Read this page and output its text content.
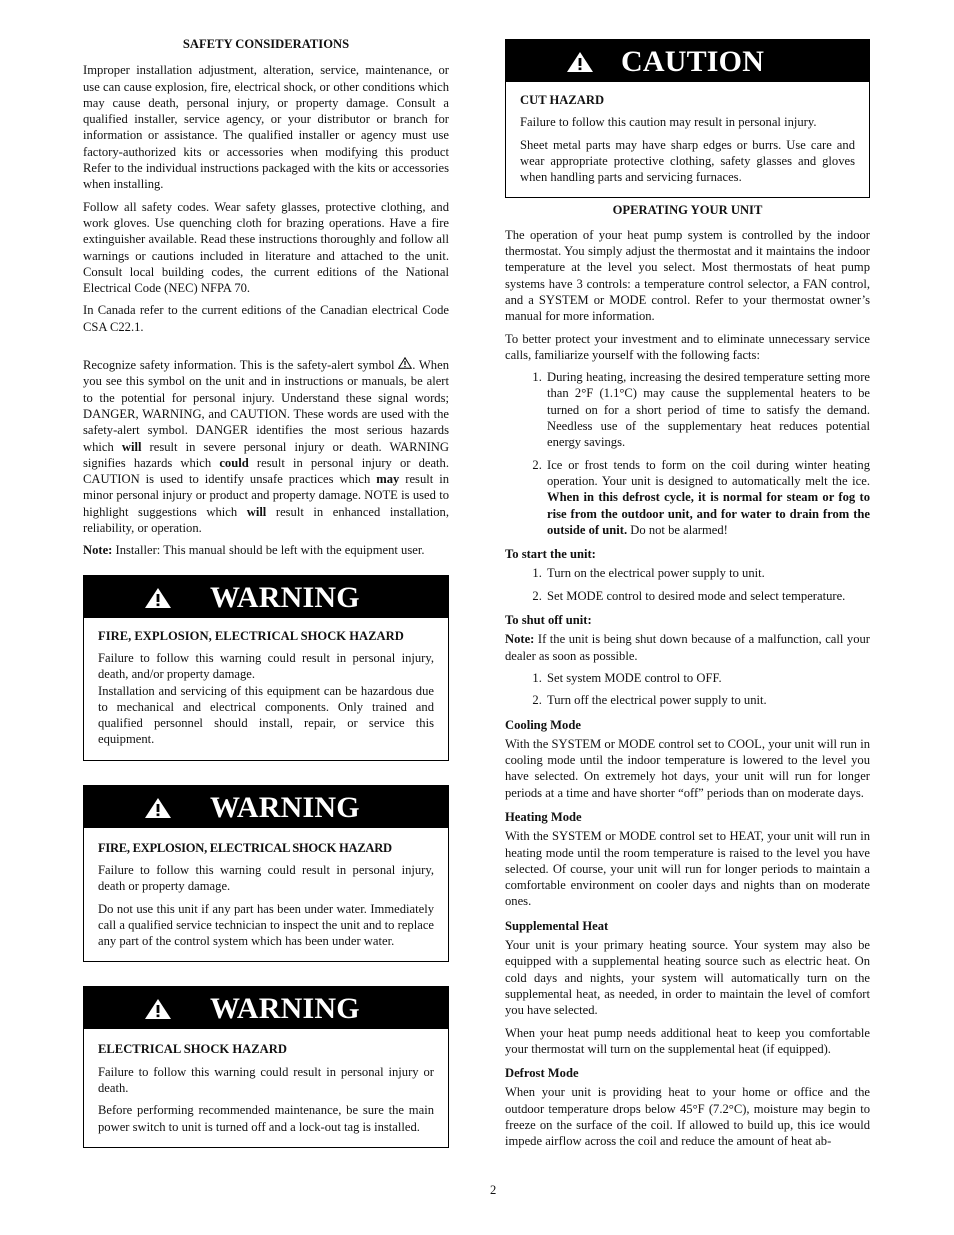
SAFETY CONSIDERATIONS

Improper installation adjustment, alteration, service, maintenance, or use can cause explosion, fire, electrical shock, or other conditions which may cause death, personal injury, or property damage. Consult a qualified installer, service agency, or your distributor or branch for information or assistance. The qualified installer or agency must use factory-authorized kits or accessories when modifying this product Refer to the individual instructions packaged with the kits or accessories when installing.

Follow all safety codes. Wear safety glasses, protective clothing, and work gloves. Use quenching cloth for brazing operations. Have a fire extinguisher available. Read these instructions thoroughly and follow all warnings or cautions included in literature and attached to the unit. Consult local building codes, the current editions of the National Electrical Code (NEC) NFPA 70.

In Canada refer to the current editions of the Canadian electrical Code CSA C22.1.

Recognize safety information. This is the safety-alert symbol . When you see this symbol on the unit and in instructions or manuals, be alert to the potential for personal injury. Understand these signal words; DANGER, WARNING, and CAUTION. These words are used with the safety-alert symbol. DANGER identifies the most serious hazards which will result in severe personal injury or death. WARNING signifies hazards which could result in personal injury or death. CAUTION is used to identify unsafe practices which may result in minor personal injury or product and property damage. NOTE is used to highlight suggestions which will result in enhanced installation, reliability, or operation.

Note: Installer: This manual should be left with the equipment user.

WARNING
FIRE, EXPLOSION, ELECTRICAL SHOCK HAZARD

Failure to follow this warning could result in personal injury, death, and/or property damage.

Installation and servicing of this equipment can be hazardous due to mechanical and electrical components. Only trained and qualified personnel should install, repair, or service this equipment.

WARNING
FIRE, EXPLOSION, ELECTRICAL SHOCK HAZARD

Failure to follow this warning could result in personal injury, death or property damage.

Do not use this unit if any part has been under water. Immediately call a qualified service technician to inspect the unit and to replace any part of the control system which has been under water.

WARNING
ELECTRICAL SHOCK HAZARD

Failure to follow this warning could result in personal injury or death.

Before performing recommended maintenance, be sure the main power switch to unit is turned off and a lock-out tag is installed.

CAUTION
CUT HAZARD

Failure to follow this caution may result in personal injury.

Sheet metal parts may have sharp edges or burrs. Use care and wear appropriate protective clothing, safety glasses and gloves when handling parts and servicing furnaces.

OPERATING YOUR UNIT

The operation of your heat pump system is controlled by the indoor thermostat. You simply adjust the thermostat and it maintains the indoor temperature at the level you select. Most thermostats of heat pump systems have 3 controls: a temperature control selector, a FAN control, and a SYSTEM or MODE control. Refer to your thermostat owner’s manual for more information.

To better protect your investment and to eliminate unnecessary service calls, familiarize yourself with the following facts:

1. During heating, increasing the desired temperature setting more than 2°F (1.1°C) may cause the supplemental heaters to be turned on for a short period of time to satisfy the demand. Needless use of the supplementary heat reduces potential energy savings.
2. Ice or frost tends to form on the coil during winter heating operation. Your unit is designed to automatically melt the ice. When in this defrost cycle, it is normal for steam or fog to rise from the outdoor unit, and for water to drain from the outside of unit. Do not be alarmed!
To start the unit:
1. Turn on the electrical power supply to unit.
2. Set MODE control to desired mode and select temperature.
To shut off unit:

Note: If the unit is being shut down because of a malfunction, call your dealer as soon as possible.

1. Set system MODE control to OFF.
2. Turn off the electrical power supply to unit.
Cooling Mode

With the SYSTEM or MODE control set to COOL, your unit will run in cooling mode until the indoor temperature is lowered to the level you have selected. On extremely hot days, your unit will run for longer periods at a time and have shorter “off” periods than on moderate days.

Heating Mode

With the SYSTEM or MODE control set to HEAT, your unit will run in heating mode until the room temperature is raised to the level you have selected. Of course, your unit will run for longer periods to maintain a comfortable environment on cooler days and nights than on moderate ones.

Supplemental Heat

Your unit is your primary heating source. Your system may also be equipped with a supplemental heating source such as electric heat. On cold days and nights, your system will automatically turn on the supplemental heat, as needed, in order to maintain the level of comfort you have selected.

When your heat pump needs additional heat to keep you comfortable your thermostat will turn on the supplemental heat (if equipped).

Defrost Mode

When your unit is providing heat to your home or office and the outdoor temperature drops below 45°F (7.2°C), moisture may begin to freeze on the surface of the coil. If allowed to build up, this ice would impede airflow across the coil and reduce the amount of heat ab-

2
